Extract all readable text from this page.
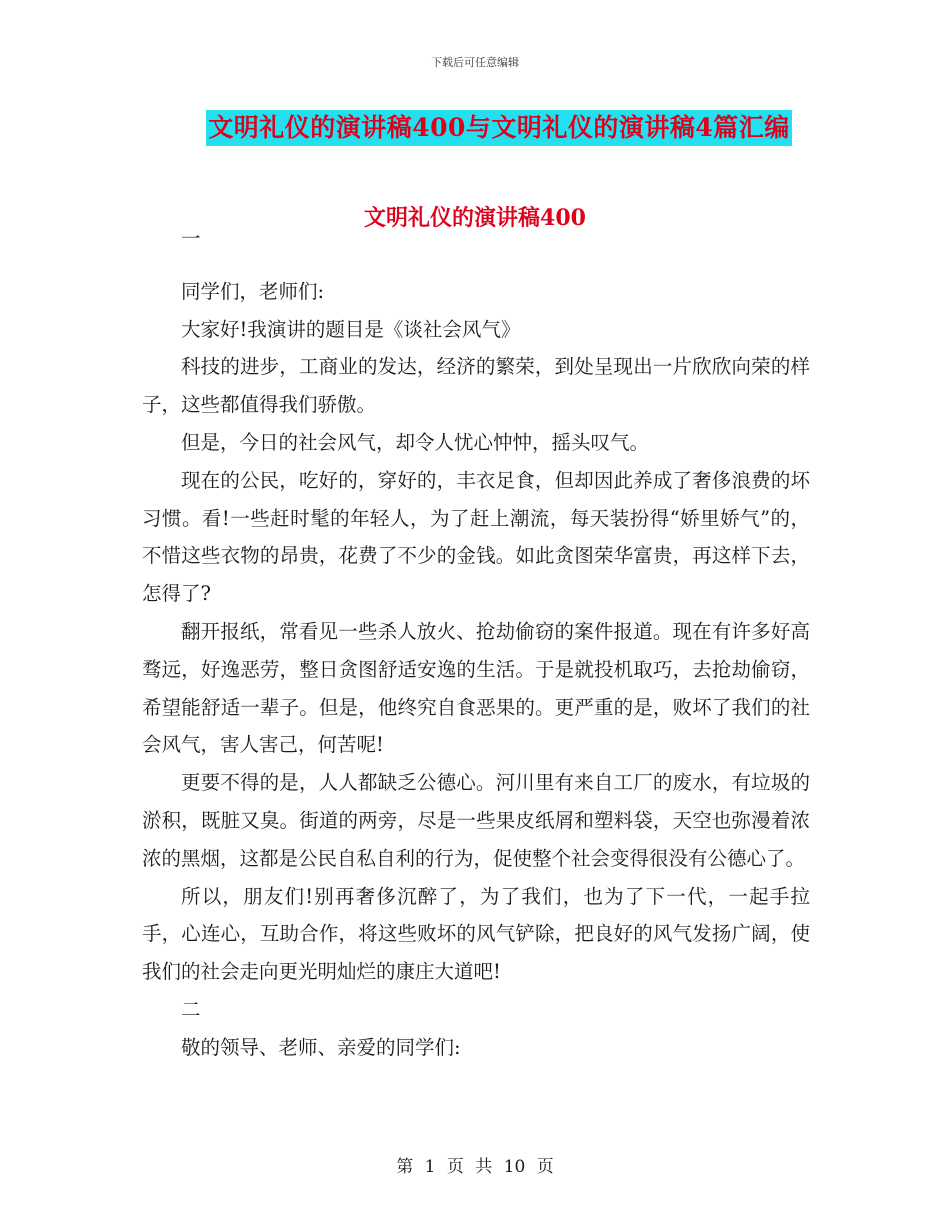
下载后可任意编辑
文明礼仪的演讲稿400与文明礼仪的演讲稿4篇汇编
文明礼仪的演讲稿400

一

同学们，老师们:

大家好!我演讲的题目是《谈社会风气》

科技的进步，工商业的发达，经济的繁荣，到处呈现出一片欣欣向荣的样子，这些都值得我们骄傲。

但是，今日的社会风气，却令人忧心忡忡，摇头叹气。

现在的公民，吃好的，穿好的，丰衣足食，但却因此养成了奢侈浪费的坏习惯。看!一些赶时髦的年轻人，为了赶上潮流，每天装扮得“娇里娇气”的，不惜这些衣物的昂贵，花费了不少的金钱。如此贪图荣华富贵，再这样下去，怎得了?

翻开报纸，常看见一些杀人放火、抢劫偷窃的案件报道。现在有许多好高骛远，好逸恶劳，整日贪图舒适安逸的生活。于是就投机取巧，去抢劫偷窃，希望能舒适一辈子。但是，他终究自食恶果的。更严重的是，败坏了我们的社会风气，害人害己，何苦呢!

更要不得的是，人人都缺乏公德心。河川里有来自工厂的废水，有垃圾的淤积，既脏又臭。街道的两旁，尽是一些果皮纸屑和塑料袋，天空也弥漫着浓浓的黑烟，这都是公民自私自利的行为，促使整个社会变得很没有公德心了。

所以，朋友们!别再奢侈沉醉了，为了我们，也为了下一代，一起手拉手，心连心，互助合作，将这些败坏的风气铲除，把良好的风气发扬广阔，使我们的社会走向更光明灿烂的康庄大道吧!

二

敬的领导、老师、亲爱的同学们:

第 1 页 共 10 页
